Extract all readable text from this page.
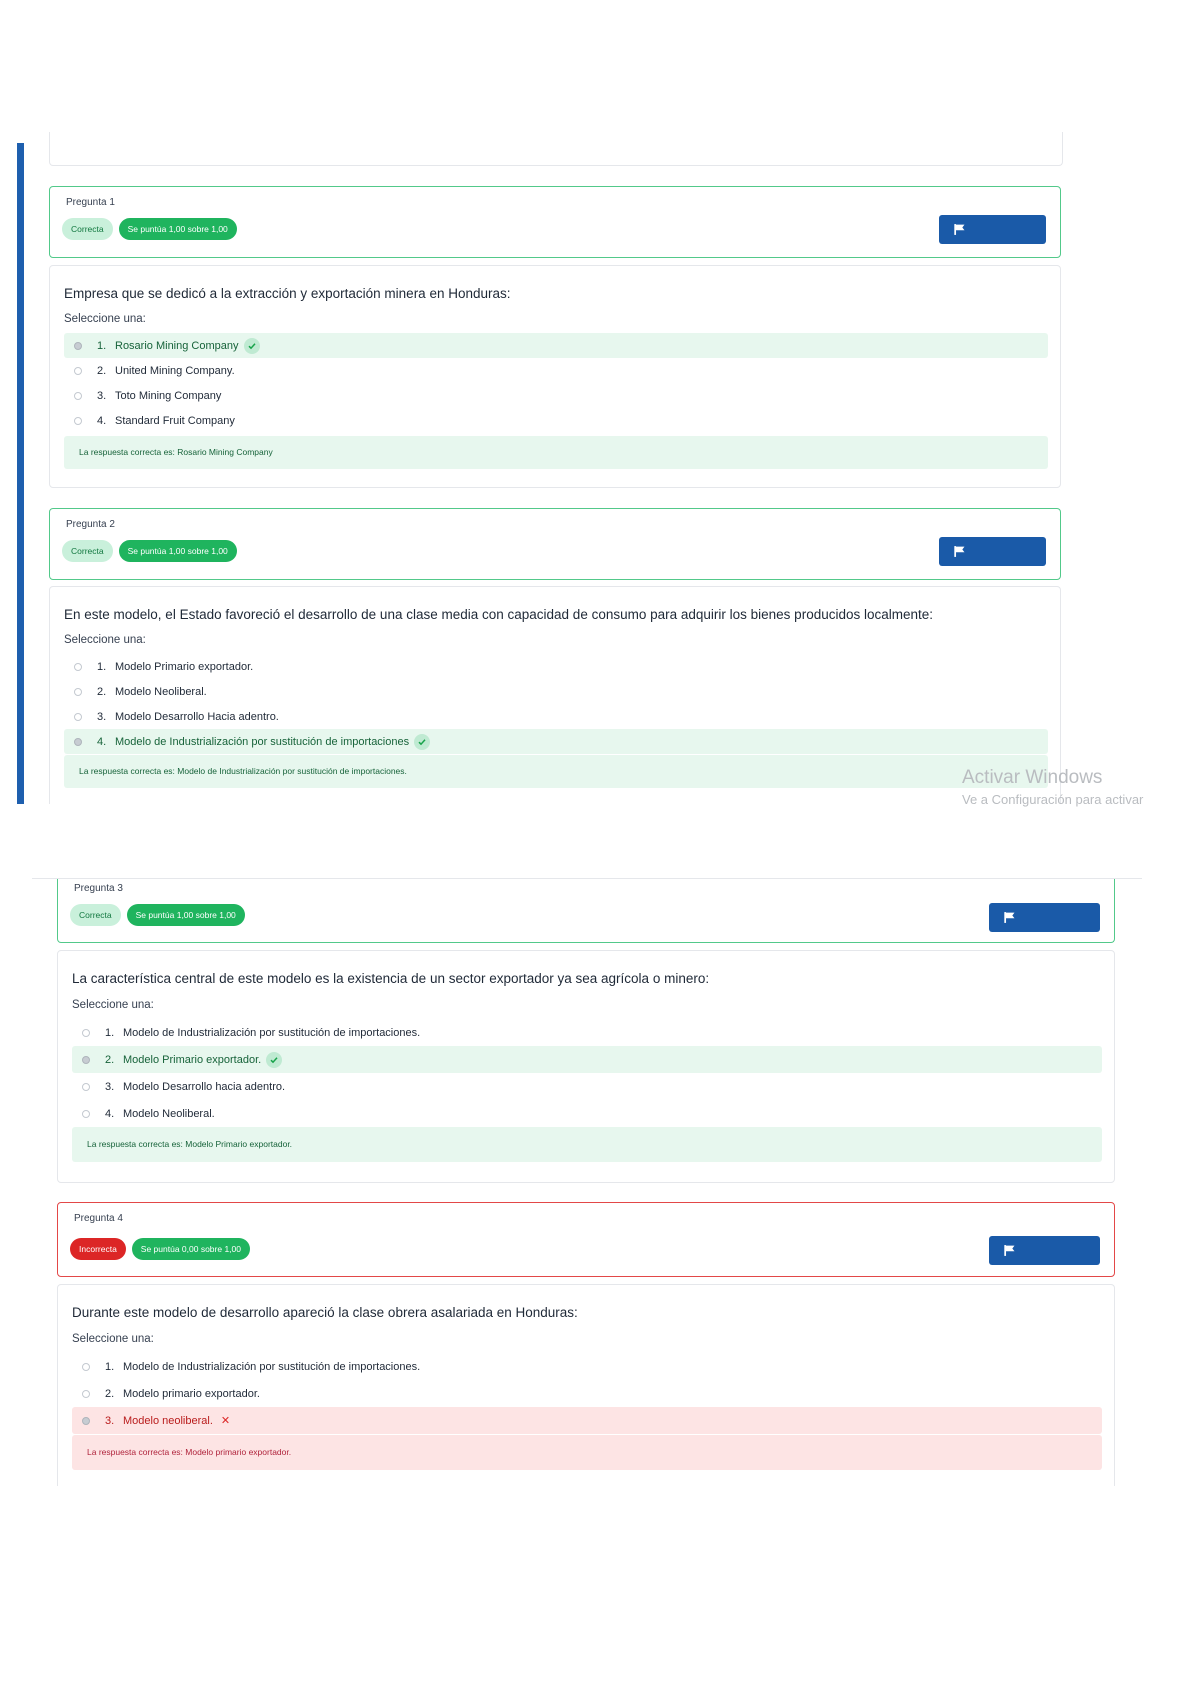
Pregunta 1
Correcta	Se puntúa 1,00 sobre 1,00
Empresa que se dedicó a la extracción y exportación minera en Honduras:
Seleccione una:
1. Rosario Mining Company
2. United Mining Company.
3. Toto Mining Company
4. Standard Fruit Company
La respuesta correcta es: Rosario Mining Company
Pregunta 2
Correcta	Se puntúa 1,00 sobre 1,00
En este modelo, el Estado favoreció el desarrollo de una clase media con capacidad de consumo para adquirir los bienes producidos localmente:
Seleccione una:
1. Modelo Primario exportador.
2. Modelo Neoliberal.
3. Modelo Desarrollo Hacia adentro.
4. Modelo de Industrialización por sustitución de importaciones
La respuesta correcta es: Modelo de Industrialización por sustitución de importaciones.	Activar Windows
Ve a Configuración para activar
Pregunta 3
Correcta	Se puntúa 1,00 sobre 1,00
La característica central de este modelo es la existencia de un sector exportador ya sea agrícola o minero:
Seleccione una:
1. Modelo de Industrialización por sustitución de importaciones.
2. Modelo Primario exportador.
3. Modelo Desarrollo hacia adentro.
4. Modelo Neoliberal.
La respuesta correcta es: Modelo Primario exportador.
Pregunta 4
Incorrecta	Se puntúa 0,00 sobre 1,00
Durante este modelo de desarrollo apareció la clase obrera asalariada en Honduras:
Seleccione una:
1. Modelo de Industrialización por sustitución de importaciones.
2. Modelo primario exportador.
3. Modelo neoliberal. ✕
La respuesta correcta es: Modelo primario exportador.
